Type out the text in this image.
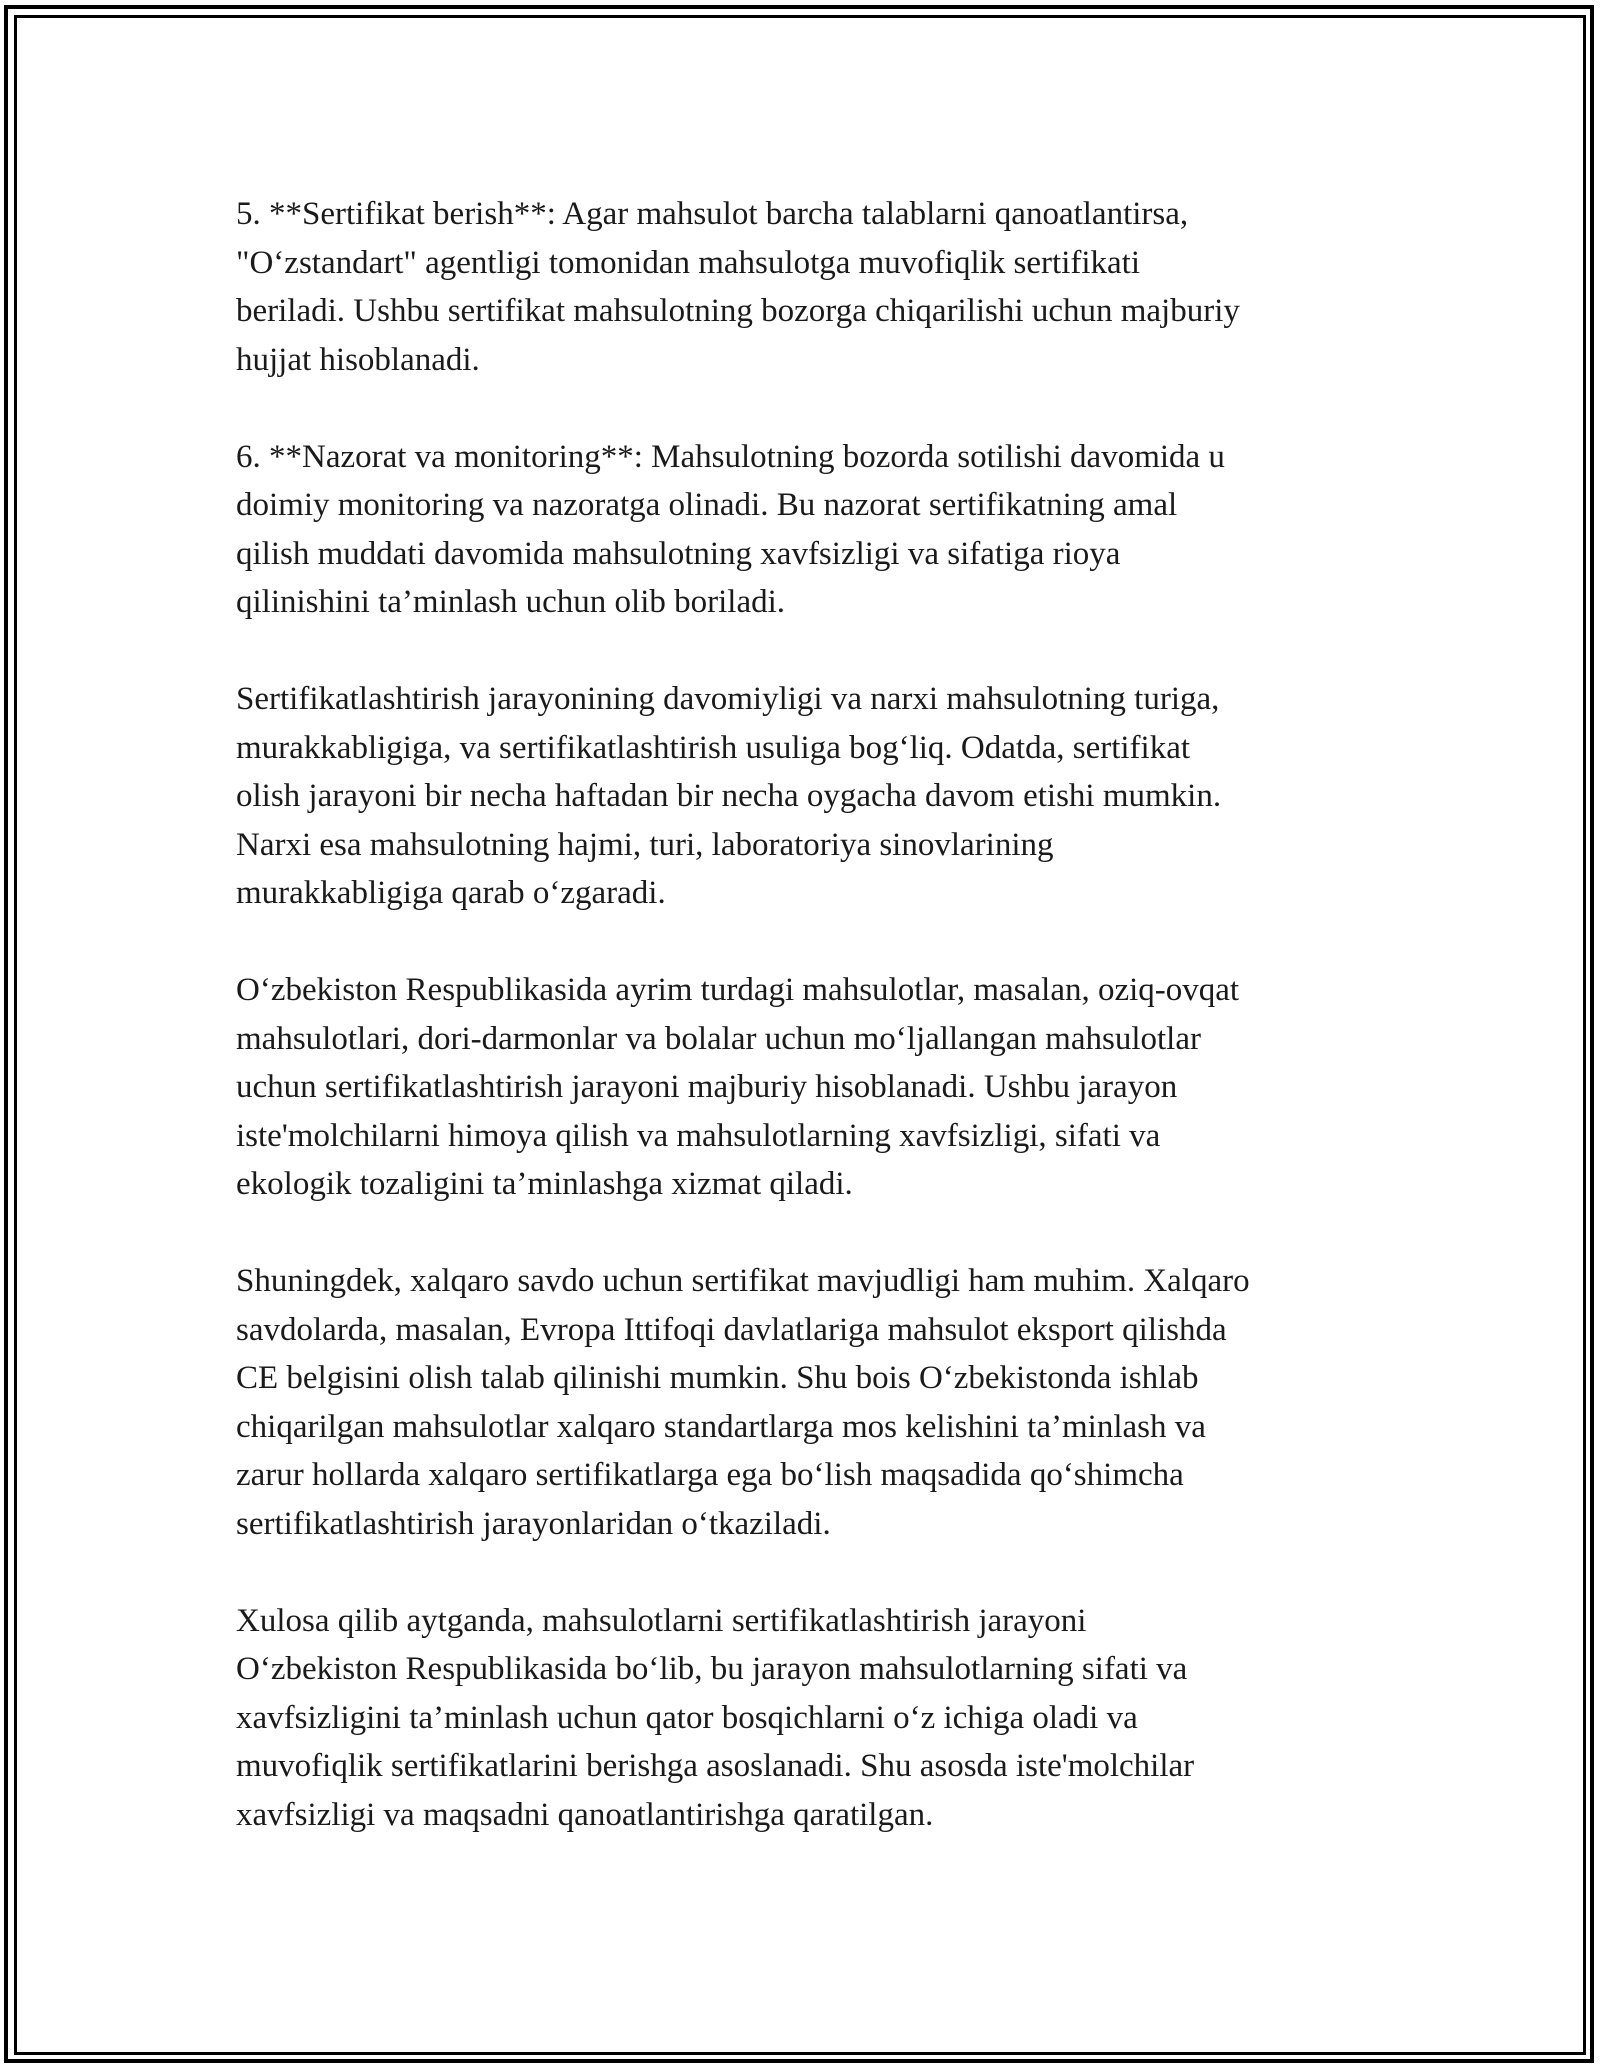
5. **Sertifikat berish**: Agar mahsulot barcha talablarni qanoatlantirsa,
"O‘zstandart" agentligi tomonidan mahsulotga muvofiqlik sertifikati
beriladi. Ushbu sertifikat mahsulotning bozorga chiqarilishi uchun majburiy
hujjat hisoblanadi.

6. **Nazorat va monitoring**: Mahsulotning bozorda sotilishi davomida u
doimiy monitoring va nazoratga olinadi. Bu nazorat sertifikatning amal
qilish muddati davomida mahsulotning xavfsizligi va sifatiga rioya
qilinishini ta’minlash uchun olib boriladi.

Sertifikatlashtirish jarayonining davomiyligi va narxi mahsulotning turiga,
murakkabligiga, va sertifikatlashtirish usuliga bog‘liq. Odatda, sertifikat
olish jarayoni bir necha haftadan bir necha oygacha davom etishi mumkin.
Narxi esa mahsulotning hajmi, turi, laboratoriya sinovlarining
murakkabligiga qarab o‘zgaradi.

O‘zbekiston Respublikasida ayrim turdagi mahsulotlar, masalan, oziq-ovqat
mahsulotlari, dori-darmonlar va bolalar uchun mo‘ljallangan mahsulotlar
uchun sertifikatlashtirish jarayoni majburiy hisoblanadi. Ushbu jarayon
iste'molchilarni himoya qilish va mahsulotlarning xavfsizligi, sifati va
ekologik tozaligini ta’minlashga xizmat qiladi.

Shuningdek, xalqaro savdo uchun sertifikat mavjudligi ham muhim. Xalqaro
savdolarda, masalan, Evropa Ittifoqi davlatlariga mahsulot eksport qilishda
CE belgisini olish talab qilinishi mumkin. Shu bois O‘zbekistonda ishlab
chiqarilgan mahsulotlar xalqaro standartlarga mos kelishini ta’minlash va
zarur hollarda xalqaro sertifikatlarga ega bo‘lish maqsadida qo‘shimcha
sertifikatlashtirish jarayonlaridan o‘tkaziladi.

Xulosa qilib aytganda, mahsulotlarni sertifikatlashtirish jarayoni
O‘zbekiston Respublikasida bo‘lib, bu jarayon mahsulotlarning sifati va
xavfsizligini ta’minlash uchun qator bosqichlarni o‘z ichiga oladi va
muvofiqlik sertifikatlarini berishga asoslanadi. Shu asosda iste'molchilar
xavfsizligi va maqsadni qanoatlantirishga qaratilgan.
